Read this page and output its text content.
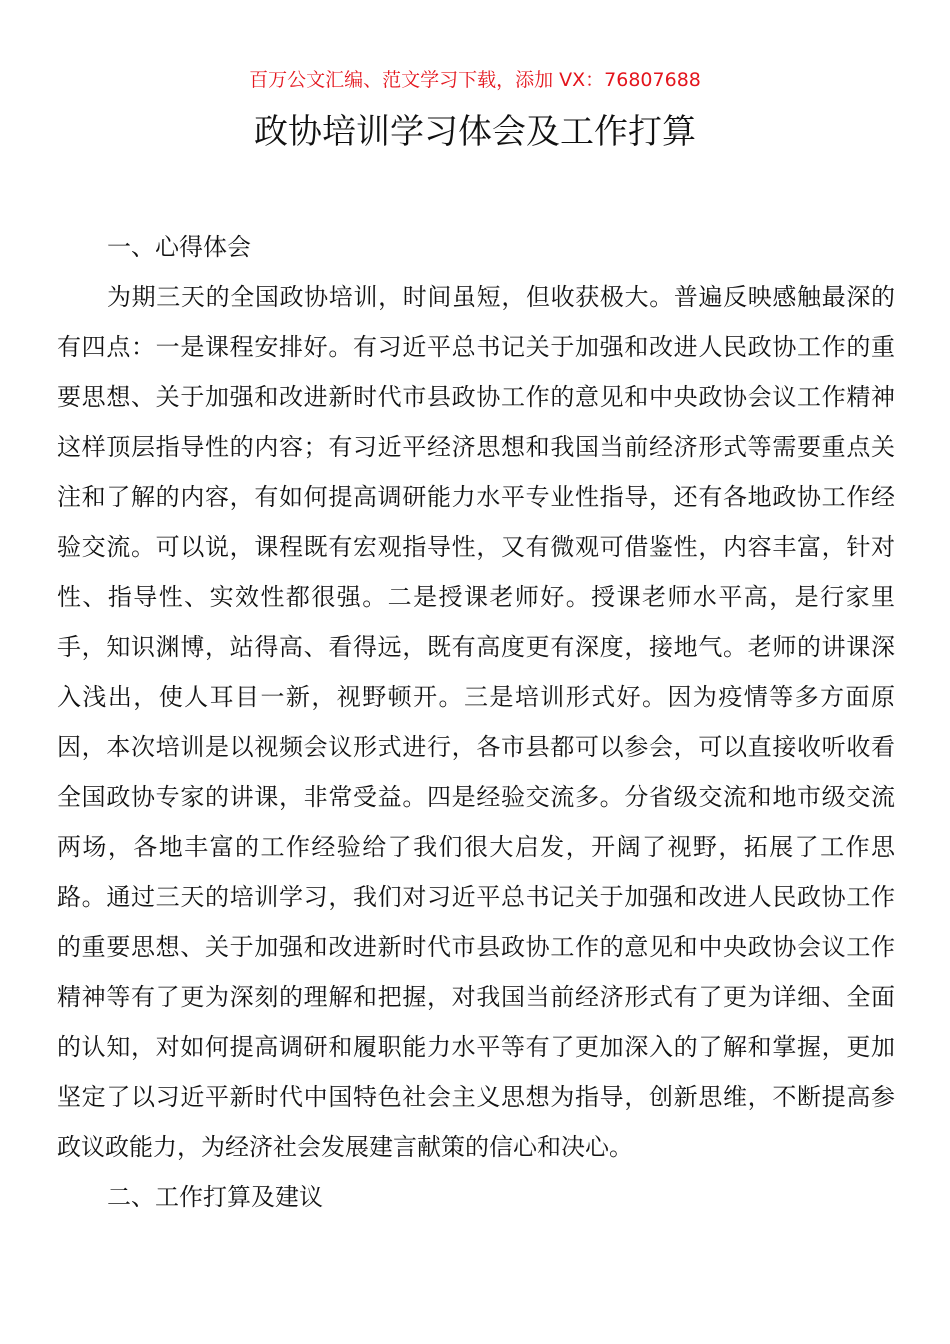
百万公文汇编、范文学习下载，添加 VX：76807688
政协培训学习体会及工作打算

一、心得体会

为期三天的全国政协培训，时间虽短，但收获极大。普遍反映感触最深的有四点：一是课程安排好。有习近平总书记关于加强和改进人民政协工作的重要思想、关于加强和改进新时代市县政协工作的意见和中央政协会议工作精神这样顶层指导性的内容；有习近平经济思想和我国当前经济形式等需要重点关注和了解的内容，有如何提高调研能力水平专业性指导，还有各地政协工作经验交流。可以说，课程既有宏观指导性，又有微观可借鉴性，内容丰富，针对性、指导性、实效性都很强。二是授课老师好。授课老师水平高，是行家里手，知识渊博，站得高、看得远，既有高度更有深度，接地气。老师的讲课深入浅出，使人耳目一新，视野顿开。三是培训形式好。因为疫情等多方面原因，本次培训是以视频会议形式进行，各市县都可以参会，可以直接收听收看全国政协专家的讲课，非常受益。四是经验交流多。分省级交流和地市级交流两场，各地丰富的工作经验给了我们很大启发，开阔了视野，拓展了工作思路。通过三天的培训学习，我们对习近平总书记关于加强和改进人民政协工作的重要思想、关于加强和改进新时代市县政协工作的意见和中央政协会议工作精神等有了更为深刻的理解和把握，对我国当前经济形式有了更为详细、全面的认知，对如何提高调研和履职能力水平等有了更加深入的了解和掌握，更加坚定了以习近平新时代中国特色社会主义思想为指导，创新思维，不断提高参政议政能力，为经济社会发展建言献策的信心和决心。

二、工作打算及建议
